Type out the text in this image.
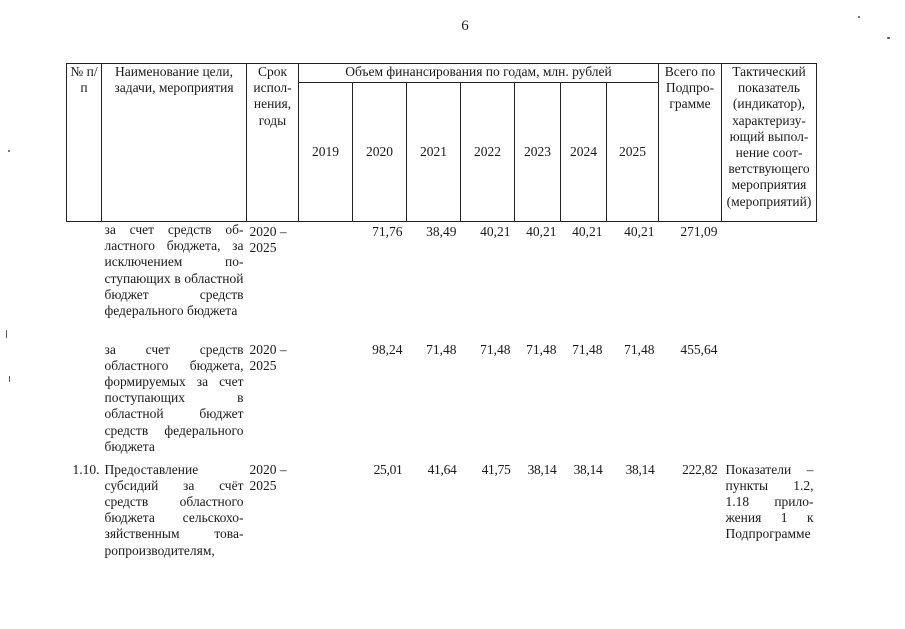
6
№ п/п	Наименование цели, задачи, мероприятия	Срок исполнения, годы	Объем финансирования по годам, млн. рублей							Всего по Подпрограмме	Тактический показатель (индикатор), характеризующий выполнение соответствующего мероприятия (мероприятий)
			2019	2020	2021	2022	2023	2024	2025		
	за счет средств областного бюджета, за исключением поступающих в областной бюджет средств федерального бюджета	2020 – 2025		71,76	38,49	40,21	40,21	40,21	40,21	271,09	
	за счет средств областного бюджета, формируемых за счет поступающих в областной бюджет средств федерального бюджета	2020 – 2025		98,24	71,48	71,48	71,48	71,48	71,48	455,64	
1.10.	Предоставление субсидий за счёт средств областного бюджета сельскохозяйственным товаропроизводителям,	2020 – 2025		25,01	41,64	41,75	38,14	38,14	38,14	222,82	Показатели – пункты 1.2, 1.18 приложения 1 к Подпрограмме
